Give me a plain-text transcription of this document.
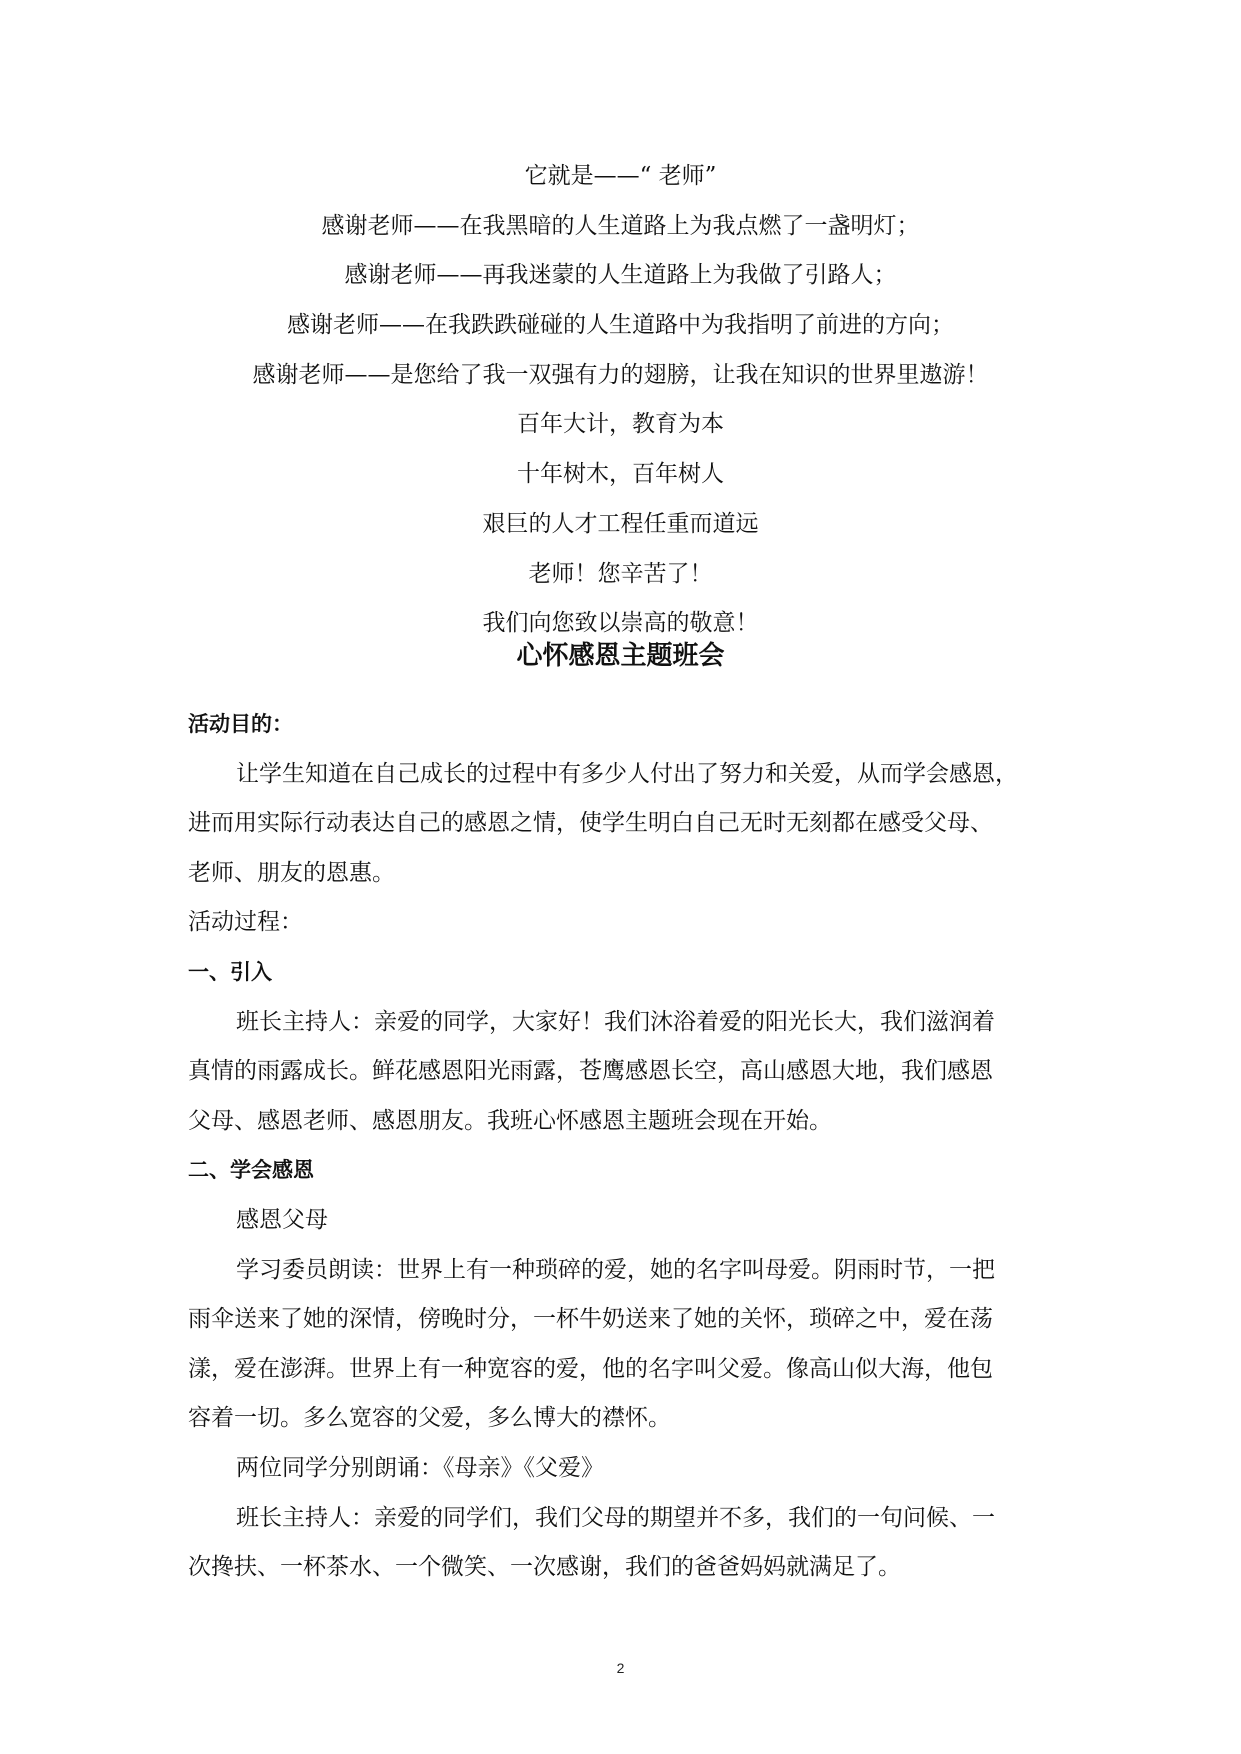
它就是——“ 老师”
感谢老师——在我黑暗的人生道路上为我点燃了一盏明灯；
感谢老师——再我迷蒙的人生道路上为我做了引路人；
感谢老师——在我跌跌碰碰的人生道路中为我指明了前进的方向；
感谢老师——是您给了我一双强有力的翅膀，让我在知识的世界里遨游！
百年大计，教育为本
十年树木，百年树人
艰巨的人才工程任重而道远
老师！您辛苦了！
我们向您致以崇高的敬意！
心怀感恩主题班会
活动目的：
让学生知道在自己成长的过程中有多少人付出了努力和关爱，从而学会感恩，
进而用实际行动表达自己的感恩之情，使学生明白自己无时无刻都在感受父母、
老师、朋友的恩惠。
活动过程：
一、引入
班长主持人：亲爱的同学，大家好！我们沐浴着爱的阳光长大，我们滋润着
真情的雨露成长。鲜花感恩阳光雨露，苍鹰感恩长空，高山感恩大地，我们感恩
父母、感恩老师、感恩朋友。我班心怀感恩主题班会现在开始。
二、学会感恩
感恩父母
学习委员朗读：世界上有一种琐碎的爱，她的名字叫母爱。阴雨时节，一把
雨伞送来了她的深情，傍晚时分，一杯牛奶送来了她的关怀，琐碎之中，爱在荡
漾，爱在澎湃。世界上有一种宽容的爱，他的名字叫父爱。像高山似大海，他包
容着一切。多么宽容的父爱，多么博大的襟怀。
两位同学分别朗诵：《母亲》《父爱》
班长主持人：亲爱的同学们，我们父母的期望并不多，我们的一句问候、一
次搀扶、一杯茶水、一个微笑、一次感谢，我们的爸爸妈妈就满足了。
2
